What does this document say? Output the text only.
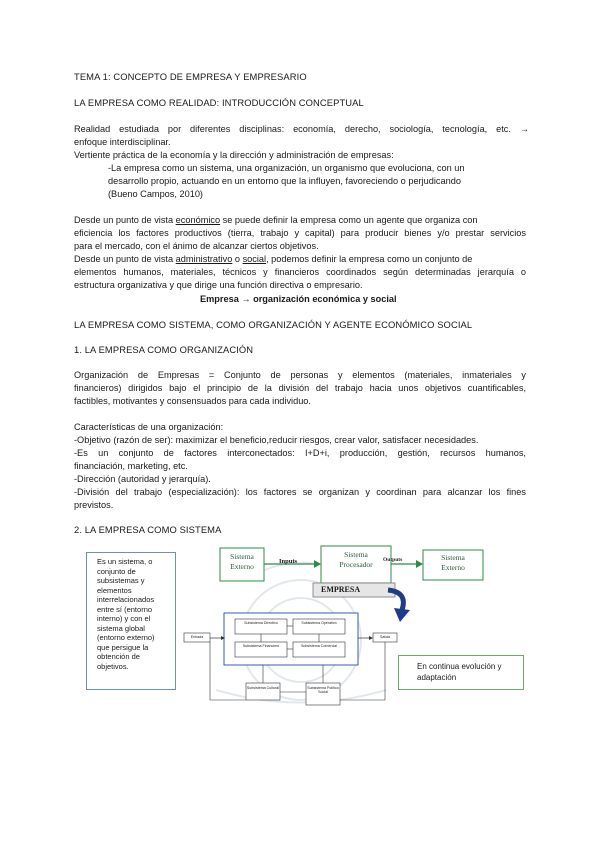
TEMA 1: CONCEPTO DE EMPRESA Y EMPRESARIO
LA EMPRESA COMO REALIDAD: INTRODUCCIÓN CONCEPTUAL
Realidad estudiada por diferentes disciplinas: economía, derecho, sociología, tecnología, etc. →
enfoque interdisciplinar.
Vertiente práctica de la economía y la dirección y administración de empresas:
-La empresa como un sistema, una organización, un organismo que evoluciona, con un
desarrollo propio, actuando en un entorno que la influyen, favoreciendo o perjudicando
(Bueno Campos, 2010)
Desde un punto de vista económico se puede definir la empresa como un agente que organiza con
eficiencia los factores productivos (tierra, trabajo y capital) para producir bienes y/o prestar servicios
para el mercado, con el ánimo de alcanzar ciertos objetivos.
Desde un punto de vista administrativo o social, podemos definir la empresa como un conjunto de
elementos humanos, materiales, técnicos y financieros coordinados según determinadas jerarquía o
estructura organizativa y que dirige una función directiva o empresario.
Empresa → organización económica y social
LA EMPRESA COMO SISTEMA, COMO ORGANIZACIÓN Y AGENTE ECONÓMICO SOCIAL
1. LA EMPRESA COMO ORGANIZACIÓN
Organización de Empresas = Conjunto de personas y elementos (materiales, inmateriales y
financieros) dirigidos bajo el principio de la división del trabajo hacia unos objetivos cuantificables,
factibles, motivantes y consensuados para cada individuo.
Características de una organización:
-Objetivo (razón de ser): maximizar el beneficio,reducir riesgos, crear valor, satisfacer necesidades.
-Es un conjunto de factores interconectados: I+D+i, producción, gestión, recursos humanos,
financiación, marketing, etc.
-Dirección (autoridad y jerarquía).
-División del trabajo (especialización): los factores se organizan y coordinan para alcanzar los fines
previstos.
2. LA EMPRESA COMO SISTEMA
Es un sistema, o
conjunto de
subsistemas y
elementos
interrelacionados
entre sí (entorno
interno) y con el
sistema global
(entorno externo)
que persigue la
obtención de
objetivos.
Sistema
Externo	Inputs
Sistema
Procesador	Outputs	Sistema
Externo
EMPRESA
Subsistema Directivo	Subsistema Operativo
Subsistema Financiero	Subsistema Comercial
Entrada	Salida
Subsistema Cultural	Subsistema Político Social
En continua evolución y
adaptación
